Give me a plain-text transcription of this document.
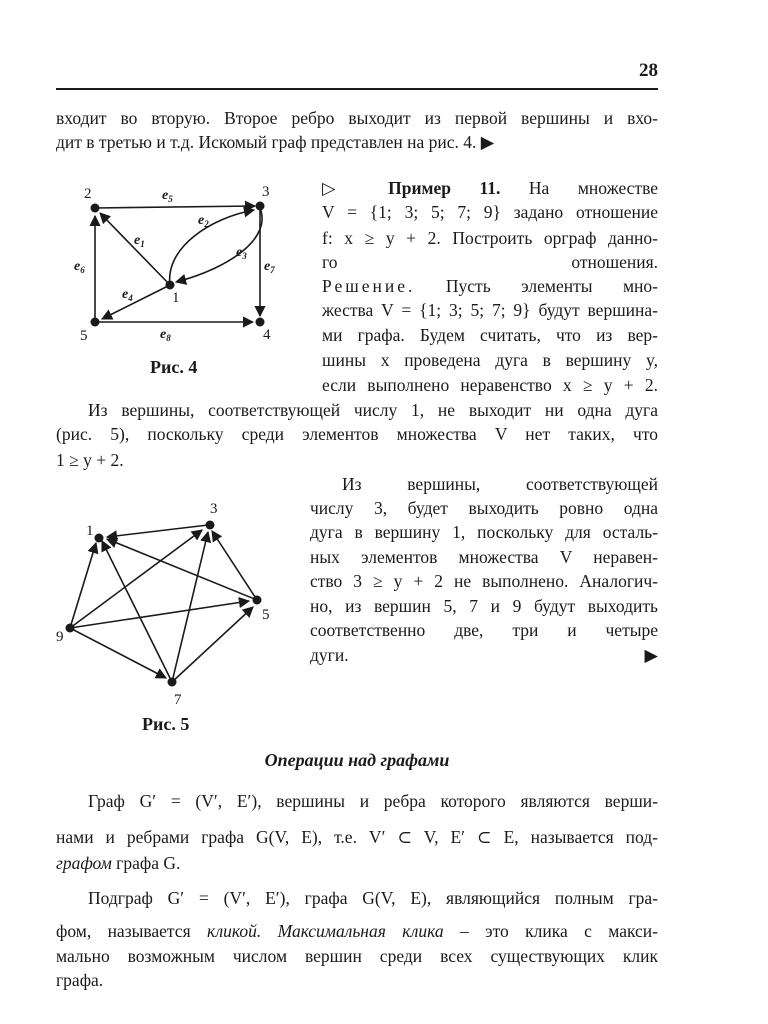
28
входит во вторую. Второе ребро выходит из первой вершины и вхо-
дит в третью и т.д. Искомый граф представлен на рис. 4. ▶
2	3
1
5	4
$e_5$
$e_1$
$e_2$
$e_3$
$e_4$
$e_6$	$e_7$
$e_8$
Рис. 4
▷ Пример 11. На множестве
V = {1; 3; 5; 7; 9} задано отношение
f: x ≥ y + 2. Построить орграф данно-
го отношения.
Решение. Пусть элементы мно-
жества V = {1; 3; 5; 7; 9} будут вершина-
ми графа. Будем считать, что из вер-
шины x проведена дуга в вершину y,
если выполнено неравенство x ≥ y + 2.
Из вершины, соответствующей числу 1, не выходит ни одна дуга
(рис. 5), поскольку среди элементов множества V нет таких, что
1 ≥ y + 2.
1
3
5
7
9
Рис. 5
Из вершины, соответствующей
числу 3, будет выходить ровно одна
дуга в вершину 1, поскольку для осталь-
ных элементов множества V неравен-
ство 3 ≥ y + 2 не выполнено. Аналогич-
но, из вершин 5, 7 и 9 будут выходить
соответственно две, три и четыре
дуги. ▶
Операции над графами
Граф G′ = (V′, E′), вершины и ребра которого являются верши-
нами и ребрами графа G(V, E), т.е. V′ ⊂ V, E′ ⊂ E, называется под-
графом графа G.
Подграф G′ = (V′, E′), графа G(V, E), являющийся полным гра-
фом, называется кликой. Максимальная клика – это клика с макси-
мально возможным числом вершин среди всех существующих клик
графа.
